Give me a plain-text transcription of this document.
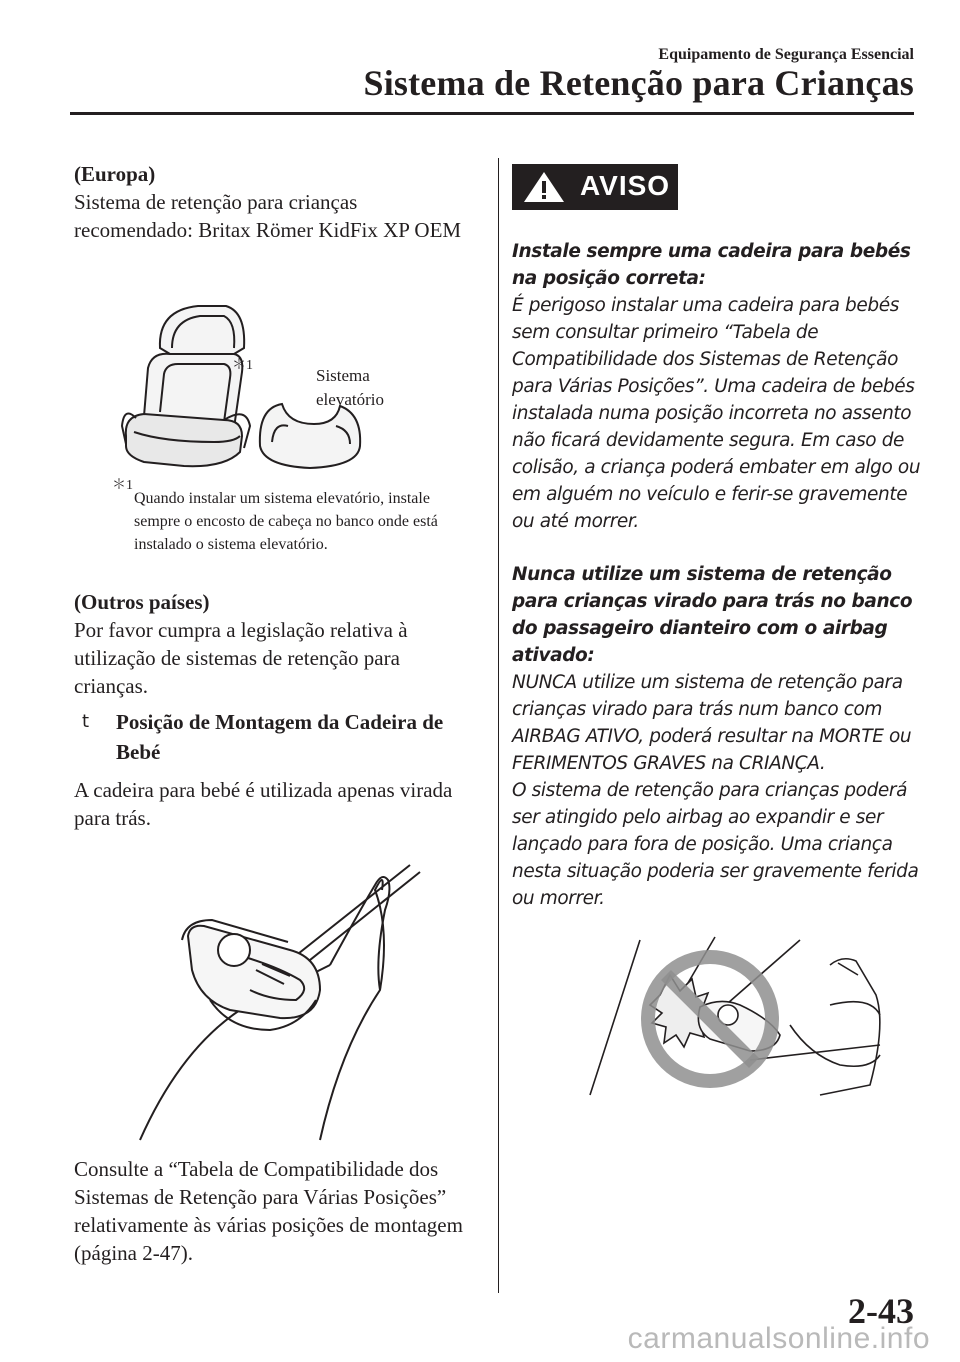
Equipamento de Segurança Essencial
Sistema de Retenção para Crianças

(Europa)

Sistema de retenção para crianças recomendado: Britax Römer KidFix XP OEM

＊1
Sistema elevatório
＊1
Quando instalar um sistema elevatório, instale sempre o encosto de cabeça no banco onde está instalado o sistema elevatório.

(Outros países)

Por favor cumpra a legislação relativa à utilização de sistemas de retenção para crianças.

t Posição de Montagem da Cadeira de Bebé

A cadeira para bebé é utilizada apenas virada para trás.

Consulte a “Tabela de Compatibilidade dos Sistemas de Retenção para Várias Posições” relativamente às várias posições de montagem (página 2-47).

AVISO

Instale sempre uma cadeira para bebés na posição correta:

É perigoso instalar uma cadeira para bebés sem consultar primeiro “Tabela de Compatibilidade dos Sistemas de Retenção para Várias Posições”. Uma cadeira de bebés instalada numa posição incorreta no assento não ficará devidamente segura. Em caso de colisão, a criança poderá embater em algo ou em alguém no veículo e ferir-se gravemente ou até morrer.

Nunca utilize um sistema de retenção para crianças virado para trás no banco do passageiro dianteiro com o airbag ativado:

NUNCA utilize um sistema de retenção para crianças virado para trás num banco com AIRBAG ATIVO, poderá resultar na MORTE ou FERIMENTOS GRAVES na CRIANÇA.

O sistema de retenção para crianças poderá ser atingido pelo airbag ao expandir e ser lançado para fora de posição. Uma criança nesta situação poderia ser gravemente ferida ou morrer.

2-43
carmanualsonline.info
